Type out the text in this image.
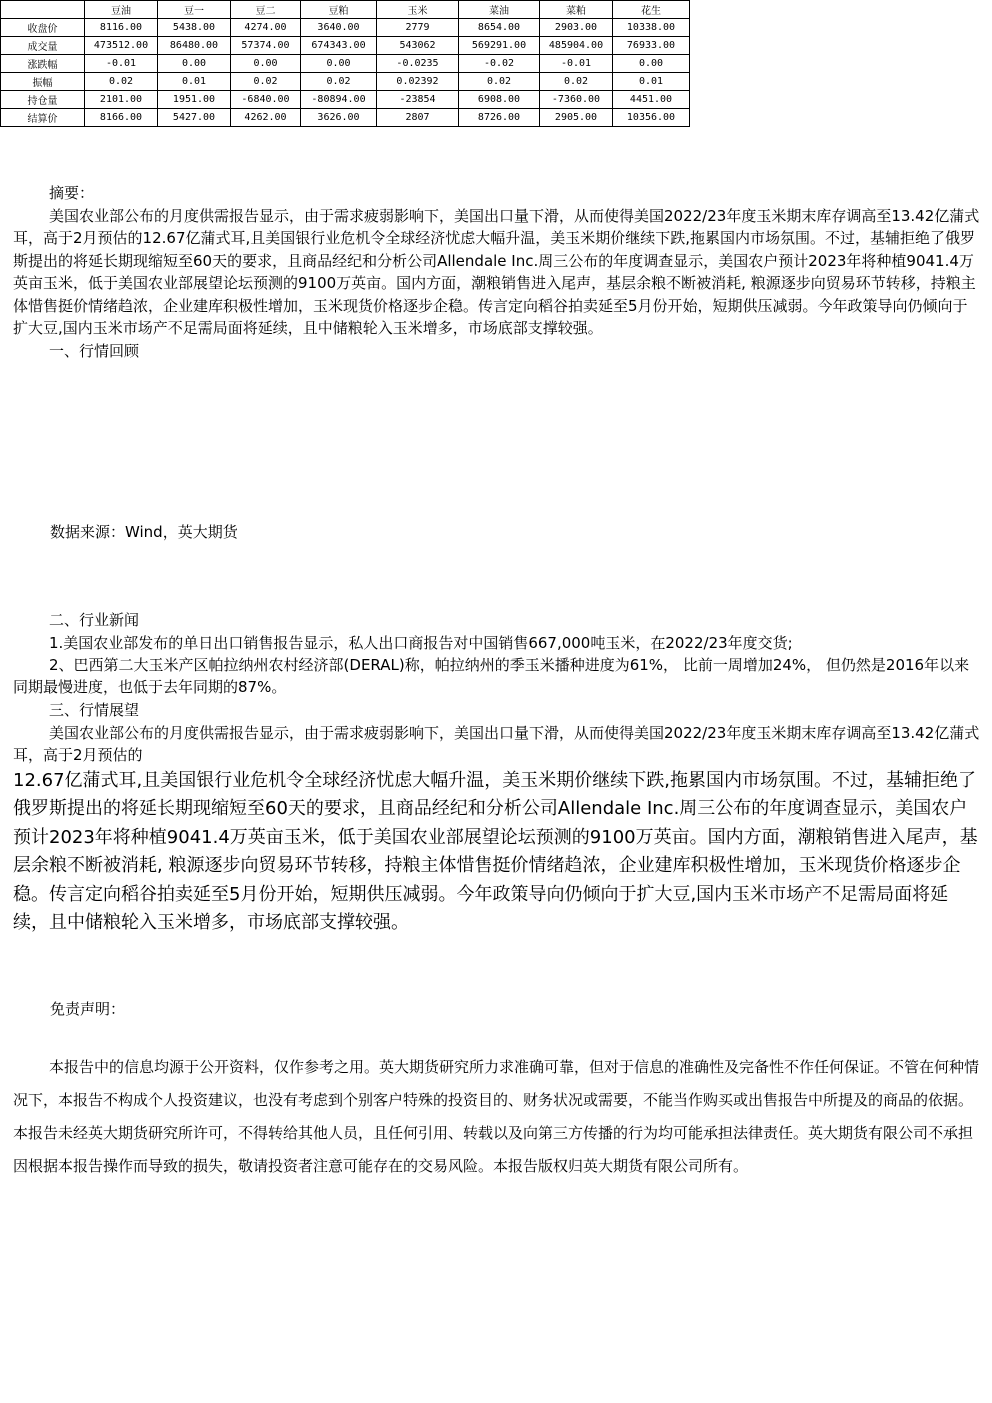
摘要：

美国农业部公布的月度供需报告显示，由于需求疲弱影响下，美国出口量下滑，从而使得美国2022/23年度玉米期末库存调高至13.42亿蒲式耳，高于2月预估的12.67亿蒲式耳,且美国银行业危机令全球经济忧虑大幅升温，美玉米期价继续下跌,拖累国内市场氛围。不过，基辅拒绝了俄罗斯提出的将延长期现缩短至60天的要求，且商品经纪和分析公司Allendale Inc.周三公布的年度调查显示，美国农户预计2023年将种植9041.4万英亩玉米，低于美国农业部展望论坛预测的9100万英亩。国内方面，潮粮销售进入尾声，基层余粮不断被消耗, 粮源逐步向贸易环节转移，持粮主体惜售挺价情绪趋浓，企业建库积极性增加，玉米现货价格逐步企稳。传言定向稻谷拍卖延至5月份开始，短期供压减弱。今年政策导向仍倾向于扩大豆,国内玉米市场产不足需局面将延续，且中储粮轮入玉米增多，市场底部支撑较强。

一、行情回顾

	豆油	豆一	豆二	豆粕	玉米	菜油	菜粕	花生
收盘价	8116.00	5438.00	4274.00	3640.00	2779	8654.00	2903.00	10338.00
成交量	473512.00	86480.00	57374.00	674343.00	543062	569291.00	485904.00	76933.00
涨跌幅	-0.01	0.00	0.00	0.00	-0.0235	-0.02	-0.01	0.00
振幅	0.02	0.01	0.02	0.02	0.02392	0.02	0.02	0.01
持仓量	2101.00	1951.00	-6840.00	-80894.00	-23854	6908.00	-7360.00	4451.00
结算价	8166.00	5427.00	4262.00	3626.00	2807	8726.00	2905.00	10356.00
数据来源：Wind，英大期货

二、行业新闻

1.美国农业部发布的单日出口销售报告显示，私人出口商报告对中国销售667,000吨玉米，在2022/23年度交货;

2、巴西第二大玉米产区帕拉纳州农村经济部(DERAL)称，帕拉纳州的季玉米播种进度为61%， 比前一周增加24%， 但仍然是2016年以来同期最慢进度，也低于去年同期的87%。

三、行情展望

美国农业部公布的月度供需报告显示，由于需求疲弱影响下，美国出口量下滑，从而使得美国2022/23年度玉米期末库存调高至13.42亿蒲式耳，高于2月预估的

12.67亿蒲式耳,且美国银行业危机令全球经济忧虑大幅升温，美玉米期价继续下跌,拖累国内市场氛围。不过，基辅拒绝了俄罗斯提出的将延长期现缩短至60天的要求，且商品经纪和分析公司Allendale Inc.周三公布的年度调查显示，美国农户预计2023年将种植9041.4万英亩玉米，低于美国农业部展望论坛预测的9100万英亩。国内方面，潮粮销售进入尾声，基层余粮不断被消耗, 粮源逐步向贸易环节转移，持粮主体惜售挺价情绪趋浓，企业建库积极性增加，玉米现货价格逐步企稳。传言定向稻谷拍卖延至5月份开始，短期供压减弱。今年政策导向仍倾向于扩大豆,国内玉米市场产不足需局面将延续，且中储粮轮入玉米增多，市场底部支撑较强。

免责声明：

本报告中的信息均源于公开资料，仅作参考之用。英大期货研究所力求准确可靠，但对于信息的准确性及完备性不作任何保证。不管在何种情况下，本报告不构成个人投资建议，也没有考虑到个别客户特殊的投资目的、财务状况或需要，不能当作购买或出售报告中所提及的商品的依据。本报告未经英大期货研究所许可，不得转给其他人员，且任何引用、转载以及向第三方传播的行为均可能承担法律责任。英大期货有限公司不承担因根据本报告操作而导致的损失，敬请投资者注意可能存在的交易风险。本报告版权归英大期货有限公司所有。
